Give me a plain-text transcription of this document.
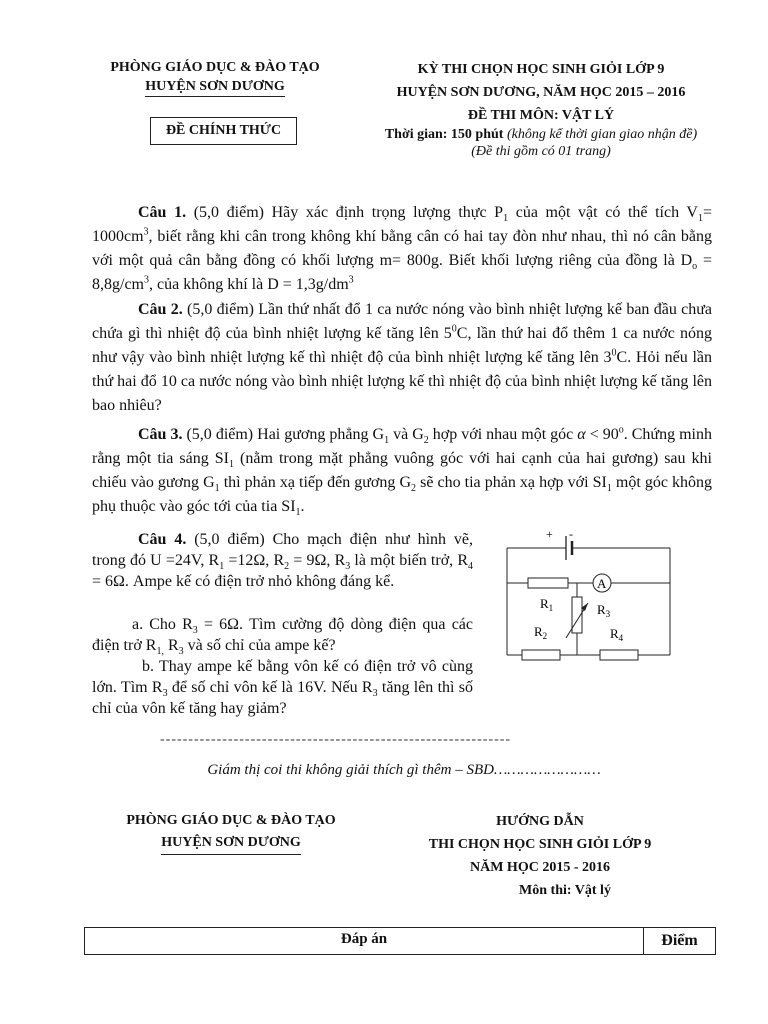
PHÒNG GIÁO DỤC & ĐÀO TẠO
HUYỆN SƠN DƯƠNG
ĐỀ CHÍNH THỨC
KỲ THI CHỌN HỌC SINH GIỎI LỚP 9
HUYỆN SƠN DƯƠNG, NĂM HỌC 2015 – 2016
ĐỀ THI MÔN: VẬT LÝ
Thời gian: 150 phút (không kể thời gian giao nhận đề)
(Đề thi gồm có 01 trang)
Câu 1. (5,0 điểm) Hãy xác định trọng lượng thực $P_1$ của một vật có thể tích $V_1= 1000cm^3$, biết rằng khi cân trong không khí bằng cân có hai tay đòn như nhau, thì nó cân bằng với một quả cân bằng đồng có khối lượng m= 800g. Biết khối lượng riêng của đồng là $D_o = 8,8g/cm^3$, của không khí là $D = 1,3g/dm^3$
Câu 2. (5,0 điểm) Lần thứ nhất đổ 1 ca nước nóng vào bình nhiệt lượng kế ban đầu chưa chứa gì thì nhiệt độ của bình nhiệt lượng kế tăng lên $5^0C$, lần thứ hai đổ thêm 1 ca nước nóng như vậy vào bình nhiệt lượng kế thì nhiệt độ của bình nhiệt lượng kế tăng lên $3^0C$. Hỏi nếu lần thứ hai đổ 10 ca nước nóng vào bình nhiệt lượng kế thì nhiệt độ của bình nhiệt lượng kế tăng lên bao nhiêu?
Câu 3. (5,0 điểm) Hai gương phẳng $G_1$ và $G_2$ hợp với nhau một góc $\alpha < 90^o$. Chứng minh rằng một tia sáng $SI_1$ (nằm trong mặt phẳng vuông góc với hai cạnh của hai gương) sau khi chiếu vào gương $G_1$ thì phản xạ tiếp đến gương $G_2$ sẽ cho tia phản xạ hợp với $SI_1$ một góc không phụ thuộc vào góc tới của tia $SI_1$.
Câu 4. (5,0 điểm) Cho mạch điện như hình vẽ, trong đó U =24V, $R_1 =12\Omega$, $R_2 = 9\Omega$, $R_3$ là một biến trở, $R_4 = 6\Omega$. Ampe kế có điện trở nhỏ không đáng kể.
a. Cho $R_3 = 6\Omega$. Tìm cường độ dòng điện qua các điện trở $R_{1,}$ $R_3$ và số chỉ của ampe kế?
b. Thay ampe kế bằng vôn kế có điện trở vô cùng lớn. Tìm $R_3$ để số chỉ vôn kế là 16V. Nếu $R_3$ tăng lên thì số chỉ của vôn kế tăng hay giảm?
+ -
A
$R_1$	$R_3$
$R_2$	$R_4$
--------------------------------------------------------------
Giám thị coi thi không giải thích gì thêm – SBD……………………
PHÒNG GIÁO DỤC & ĐÀO TẠO
HUYỆN SƠN DƯƠNG
HƯỚNG DẪN
THI CHỌN HỌC SINH GIỎI LỚP 9
NĂM HỌC 2015 - 2016
Môn thi: Vật lý
Đáp án	Điểm
